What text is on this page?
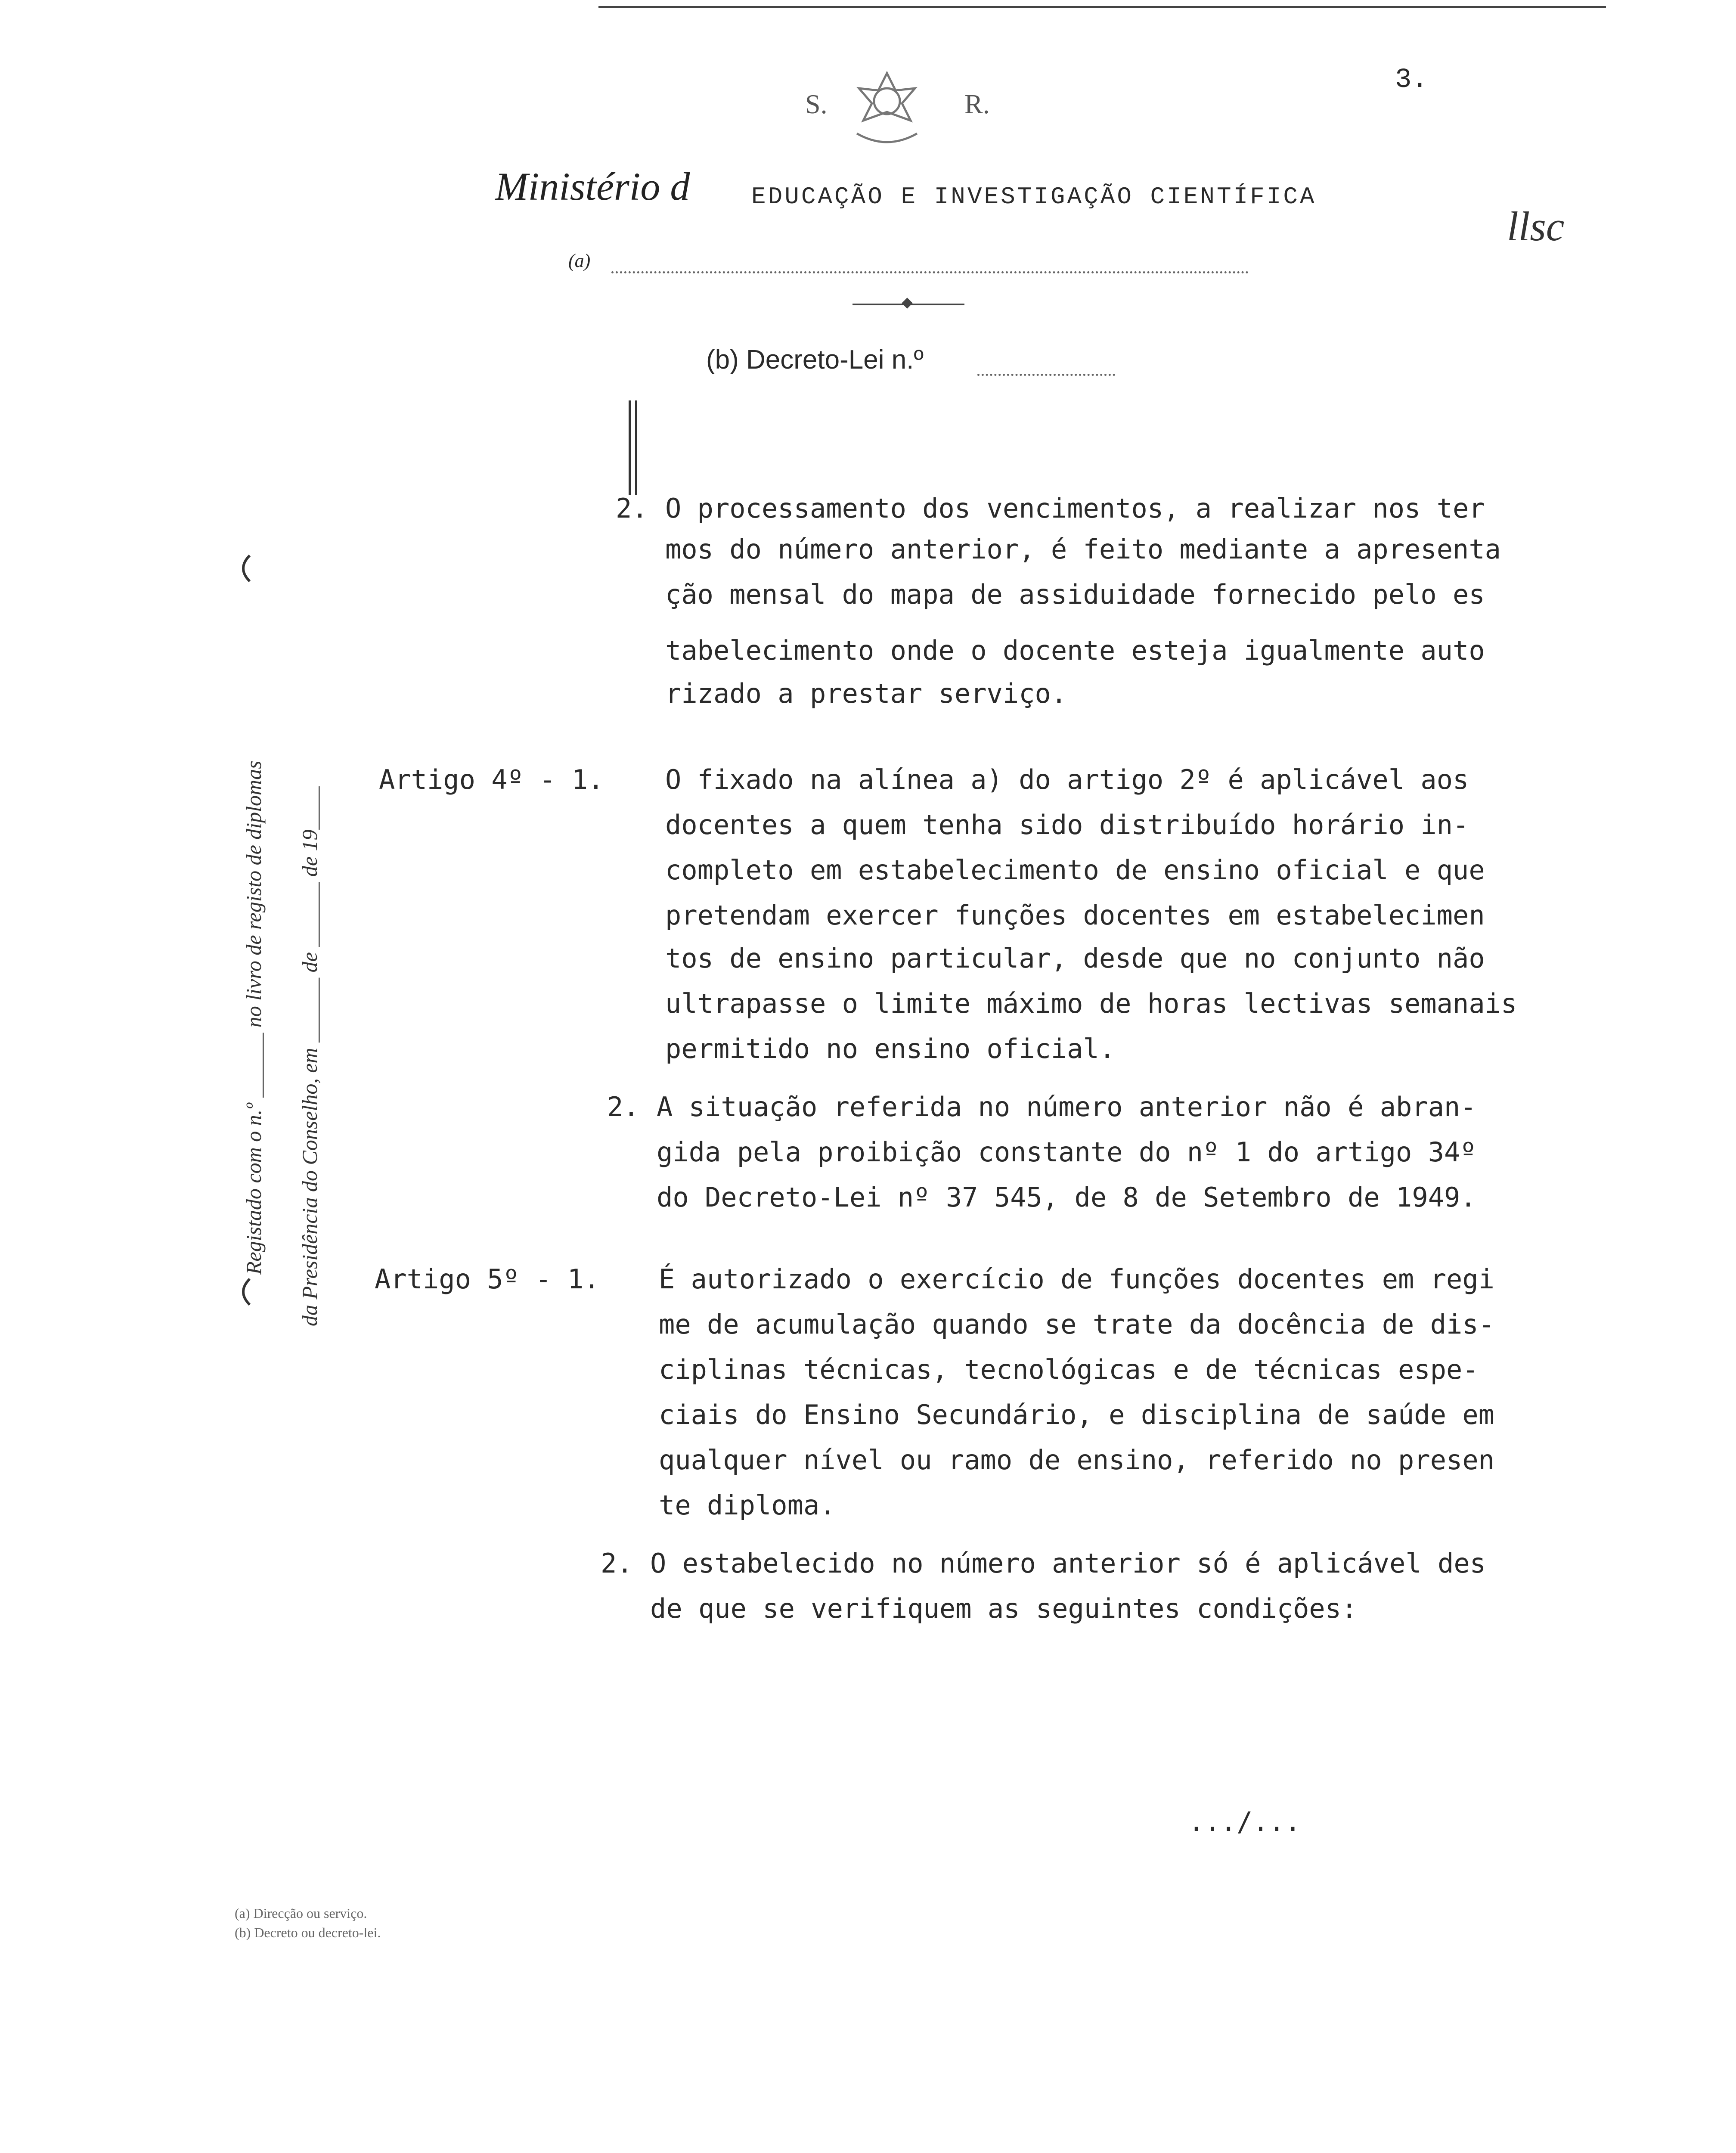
3.
S.	R.
Ministério d	EDUCAÇÃO E INVESTIGAÇÃO CIENTÍFICA
llsc
(a)
(b) Decreto-Lei n.º
Registado com o n.º ______ no livro de registo de diplomas da Presidência do Conselho, em ______ de ______ de 19____
2. O processamento dos vencimentos, a realizar nos ter
mos do número anterior, é feito mediante a apresenta
ção mensal do mapa de assiduidade fornecido pelo es
tabelecimento onde o docente esteja igualmente auto
rizado a prestar serviço.
Artigo 4º - 1. O fixado na alínea a) do artigo 2º é aplicável aos
docentes a quem tenha sido distribuído horário in-
completo em estabelecimento de ensino oficial e que
pretendam exercer funções docentes em estabelecimen
tos de ensino particular, desde que no conjunto não
ultrapasse o limite máximo de horas lectivas semanais
permitido no ensino oficial.
2. A situação referida no número anterior não é abran-
gida pela proibição constante do nº 1 do artigo 34º
do Decreto-Lei nº 37 545, de 8 de Setembro de 1949.
Artigo 5º - 1. É autorizado o exercício de funções docentes em regi
me de acumulação quando se trate da docência de dis-
ciplinas técnicas, tecnológicas e de técnicas espe-
ciais do Ensino Secundário, e disciplina de saúde em
qualquer nível ou ramo de ensino, referido no presen
te diploma.
2. O estabelecido no número anterior só é aplicável des
de que se verifiquem as seguintes condições:
.../...
(a) Direcção ou serviço.
(b) Decreto ou decreto-lei.
